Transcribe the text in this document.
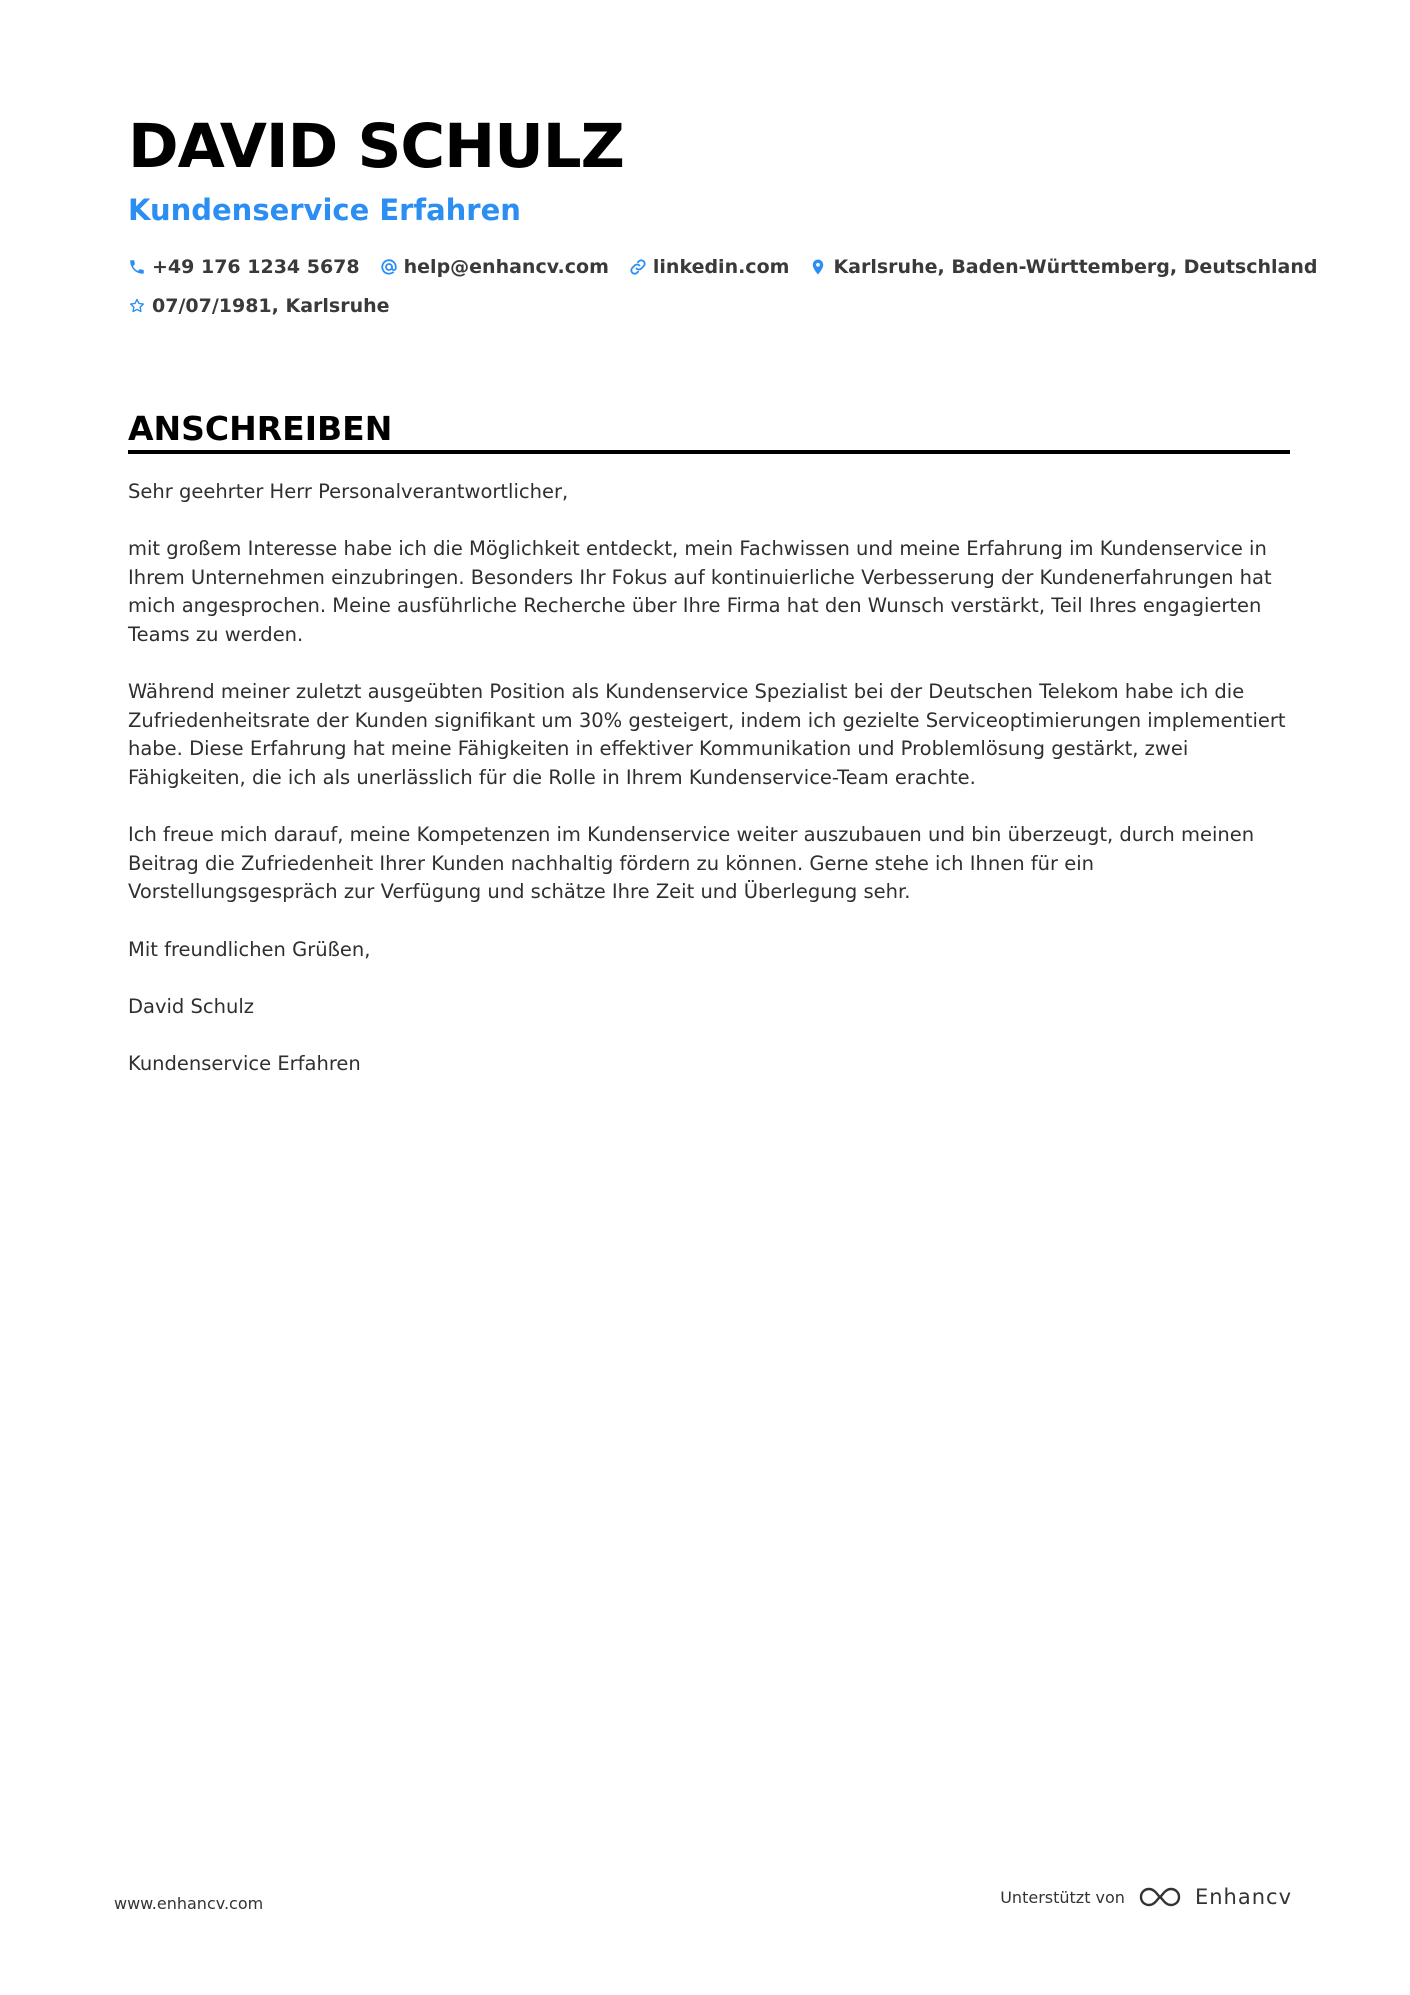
DAVID SCHULZ
Kundenservice Erfahren
+49 176 1234 5678 help@enhancv.com linkedin.com Karlsruhe, Baden-Württemberg, Deutschland
07/07/1981, Karlsruhe
ANSCHREIBEN

Sehr geehrter Herr Personalverantwortlicher,

mit großem Interesse habe ich die Möglichkeit entdeckt, mein Fachwissen und meine Erfahrung im Kundenservice in Ihrem Unternehmen einzubringen. Besonders Ihr Fokus auf kontinuierliche Verbesserung der Kundenerfahrungen hat mich angesprochen. Meine ausführliche Recherche über Ihre Firma hat den Wunsch verstärkt, Teil Ihres engagierten Teams zu werden.

Während meiner zuletzt ausgeübten Position als Kundenservice Spezialist bei der Deutschen Telekom habe ich die Zufriedenheitsrate der Kunden signifikant um 30% gesteigert, indem ich gezielte Serviceoptimierungen implementiert habe. Diese Erfahrung hat meine Fähigkeiten in effektiver Kommunikation und Problemlösung gestärkt, zwei Fähigkeiten, die ich als unerlässlich für die Rolle in Ihrem Kundenservice-Team erachte.

Ich freue mich darauf, meine Kompetenzen im Kundenservice weiter auszubauen und bin überzeugt, durch meinen Beitrag die Zufriedenheit Ihrer Kunden nachhaltig fördern zu können. Gerne stehe ich Ihnen für ein Vorstellungsgespräch zur Verfügung und schätze Ihre Zeit und Überlegung sehr.

Mit freundlichen Grüßen,

David Schulz

Kundenservice Erfahren

www.enhancv.com	Unterstützt von	Enhancv
